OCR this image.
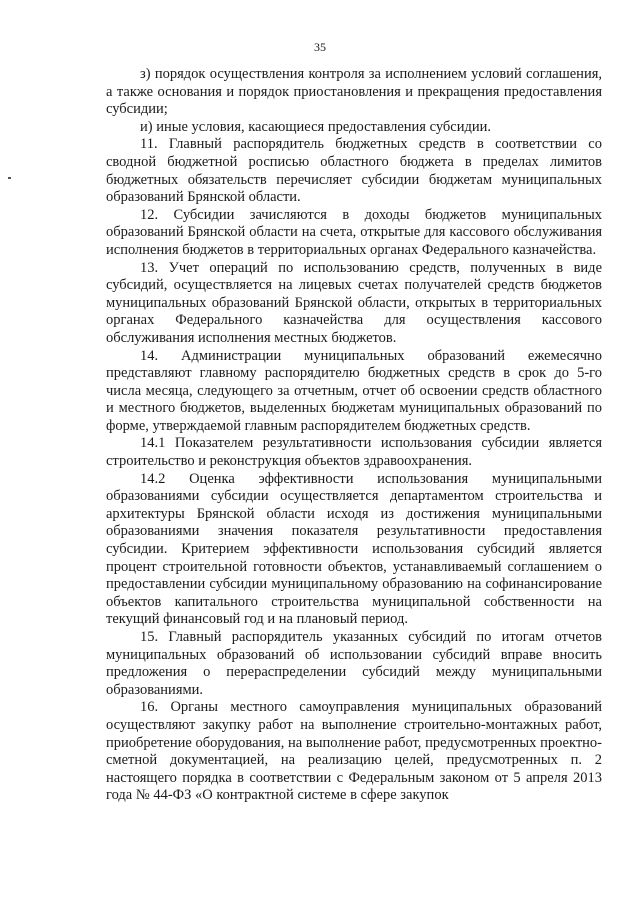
35

з) порядок осуществления контроля за исполнением условий соглашения, а также основания и порядок приостановления и прекращения предоставления субсидии;

и) иные условия, касающиеся предоставления субсидии.

11. Главный распорядитель бюджетных средств в соответствии со сводной бюджетной росписью областного бюджета в пределах лимитов бюджетных обязательств перечисляет субсидии бюджетам муниципальных образований Брянской области.

12. Субсидии зачисляются в доходы бюджетов муниципальных образований Брянской области на счета, открытые для кассового обслуживания исполнения бюджетов в территориальных органах Федерального казначейства.

13. Учет операций по использованию средств, полученных в виде субсидий, осуществляется на лицевых счетах получателей средств бюджетов муниципальных образований Брянской области, открытых в территориальных органах Федерального казначейства для осуществления кассового обслуживания исполнения местных бюджетов.

14. Администрации муниципальных образований ежемесячно представляют главному распорядителю бюджетных средств в срок до 5-го числа месяца, следующего за отчетным, отчет об освоении средств областного и местного бюджетов, выделенных бюджетам муниципальных образований по форме, утверждаемой главным распорядителем бюджетных средств.

14.1 Показателем результативности использования субсидии является строительство и реконструкция объектов здравоохранения.

14.2 Оценка эффективности использования муниципальными образованиями субсидии осуществляется департаментом строительства и архитектуры Брянской области исходя из достижения муниципальными образованиями значения показателя результативности предоставления субсидии. Критерием эффективности использования субсидий является процент строительной готовности объектов, устанавливаемый соглашением о предоставлении субсидии муниципальному образованию на софинансирование объектов капитального строительства муниципальной собственности на текущий финансовый год и на плановый период.

15. Главный распорядитель указанных субсидий по итогам отчетов муниципальных образований об использовании субсидий вправе вносить предложения о перераспределении субсидий между муниципальными образованиями.

16. Органы местного самоуправления муниципальных образований осуществляют закупку работ на выполнение строительно-монтажных работ, приобретение оборудования, на выполнение работ, предусмотренных проектно-сметной документацией, на реализацию целей, предусмотренных п. 2 настоящего порядка в соответствии с Федеральным законом от 5 апреля 2013 года № 44-ФЗ «О контрактной системе в сфере закупок
